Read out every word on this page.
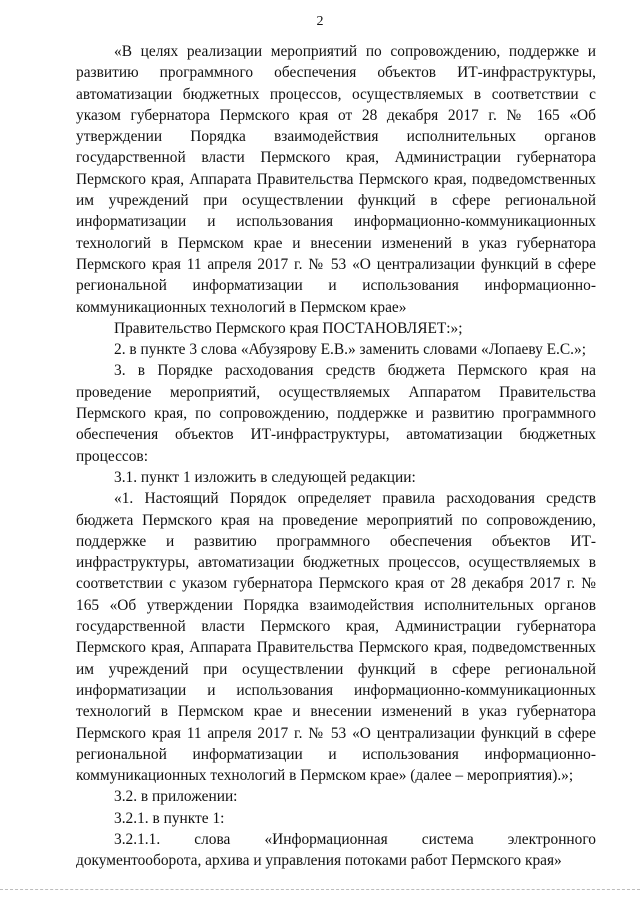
2

«В целях реализации мероприятий по сопровождению, поддержке и развитию программного обеспечения объектов ИТ-инфраструктуры, автоматизации бюджетных процессов, осуществляемых в соответствии с указом губернатора Пермского края от 28 декабря 2017 г. № 165 «Об утверждении Порядка взаимодействия исполнительных органов государственной власти Пермского края, Администрации губернатора Пермского края, Аппарата Правительства Пермского края, подведомственных им учреждений при осуществлении функций в сфере региональной информатизации и использования информационно-коммуникационных технологий в Пермском крае и внесении изменений в указ губернатора Пермского края 11 апреля 2017 г. № 53 «О централизации функций в сфере региональной информатизации и использования информационно-коммуникационных технологий в Пермском крае»

Правительство Пермского края ПОСТАНОВЛЯЕТ:»;

2. в пункте 3 слова «Абузярову Е.В.» заменить словами «Лопаеву Е.С.»;

3. в Порядке расходования средств бюджета Пермского края на проведение мероприятий, осуществляемых Аппаратом Правительства Пермского края, по сопровождению, поддержке и развитию программного обеспечения объектов ИТ-инфраструктуры, автоматизации бюджетных процессов:

3.1. пункт 1 изложить в следующей редакции:

«1. Настоящий Порядок определяет правила расходования средств бюджета Пермского края на проведение мероприятий по сопровождению, поддержке и развитию программного обеспечения объектов ИТ-инфраструктуры, автоматизации бюджетных процессов, осуществляемых в соответствии с указом губернатора Пермского края от 28 декабря 2017 г. № 165 «Об утверждении Порядка взаимодействия исполнительных органов государственной власти Пермского края, Администрации губернатора Пермского края, Аппарата Правительства Пермского края, подведомственных им учреждений при осуществлении функций в сфере региональной информатизации и использования информационно-коммуникационных технологий в Пермском крае и внесении изменений в указ губернатора Пермского края 11 апреля 2017 г. № 53 «О централизации функций в сфере региональной информатизации и использования информационно-коммуникационных технологий в Пермском крае» (далее – мероприятия).»;

3.2. в приложении:

3.2.1. в пункте 1:

3.2.1.1. слова «Информационная система электронного документооборота, архива и управления потоками работ Пермского края»
